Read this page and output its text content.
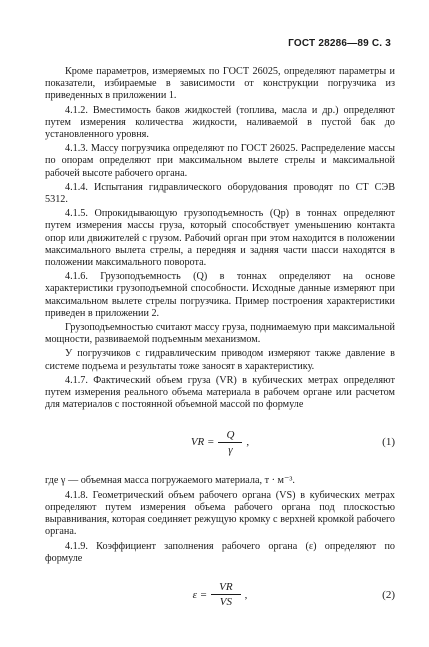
ГОСТ 28286—89 С. 3

Кроме параметров, измеряемых по ГОСТ 26025, определяют параметры и показатели, избираемые в зависимости от конструкции погрузчика из приведенных в приложении 1.

4.1.2. Вместимость баков жидкостей (топлива, масла и др.) определяют путем измерения количества жидкости, наливаемой в пустой бак до установленного уровня.

4.1.3. Массу погрузчика определяют по ГОСТ 26025. Распределение массы по опорам определяют при максимальном вылете стрелы и максимальной рабочей высоте рабочего органа.

4.1.4. Испытания гидравлического оборудования проводят по СТ СЭВ 5312.

4.1.5. Опрокидывающую грузоподъемность (Qр) в тоннах определяют путем измерения массы груза, который способствует уменьшению контакта опор или движителей с грузом. Рабочий орган при этом находится в положении максимального вылета стрелы, а передняя и задняя части шасси находятся в положении максимального поворота.

4.1.6. Грузоподъемность (Q) в тоннах определяют на основе характеристики грузоподъемной способности. Исходные данные измеряют при максимальном вылете стрелы погрузчика. Пример построения характеристики приведен в приложении 2.

Грузоподъемностью считают массу груза, поднимаемую при максимальной мощности, развиваемой подъемным механизмом.

У погрузчиков с гидравлическим приводом измеряют также давление в системе подъема и результаты тоже заносят в характеристику.

4.1.7. Фактический объем груза (VR) в кубических метрах определяют путем измерения реального объема материала в рабочем органе или расчетом для материалов с постоянной объемной массой по формуле

VR = $\frac{Q}{\gamma}$ ,	(1)

где γ — объемная масса погружаемого материала, т · м⁻³.

4.1.8. Геометрический объем рабочего органа (VS) в кубических метрах определяют путем измерения объема рабочего органа под плоскостью выравнивания, которая соединяет режущую кромку с верхней кромкой рабочего органа.

4.1.9. Коэффициент заполнения рабочего органа (ε) определяют по формуле

$\varepsilon = \frac{VR}{VS}$ ,	(2)
